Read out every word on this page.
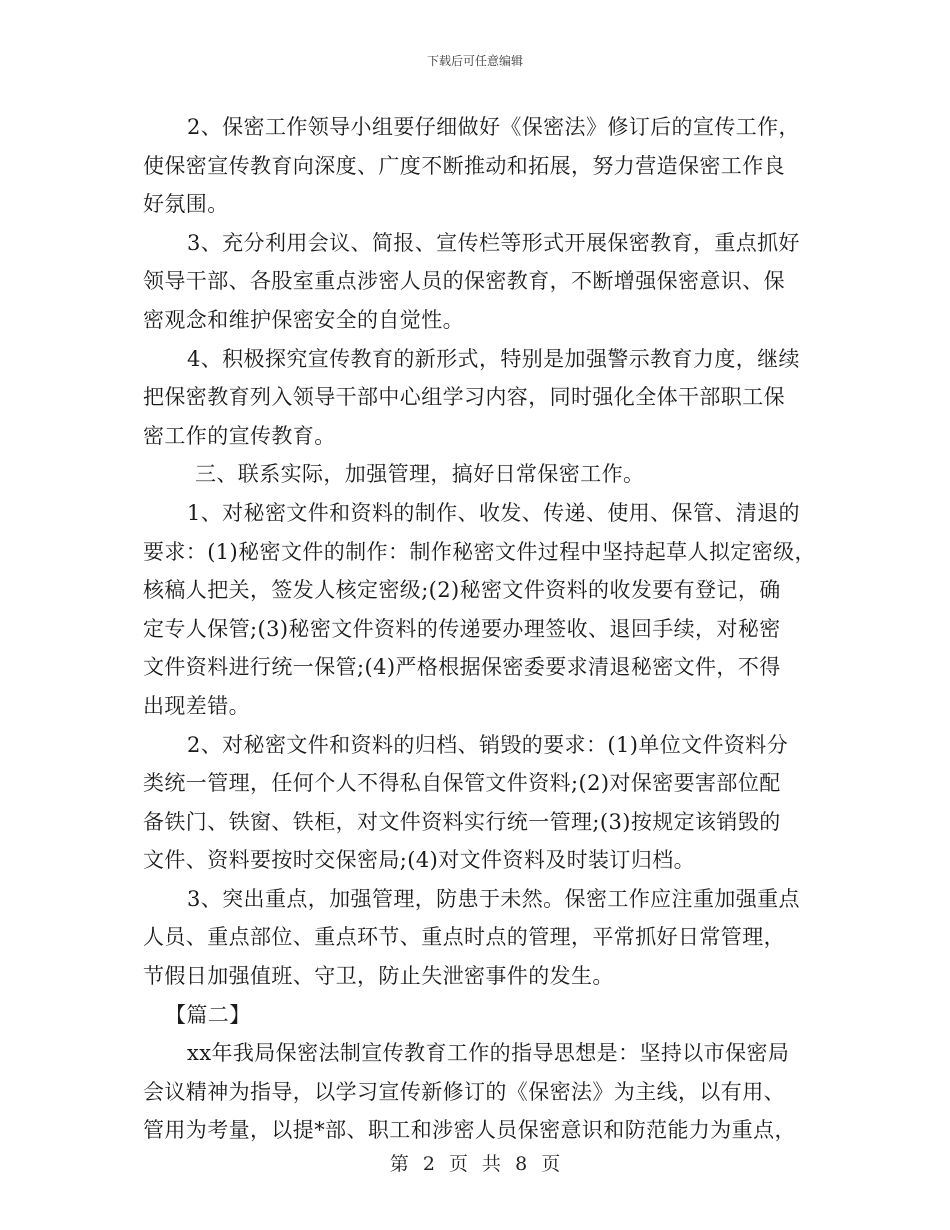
下载后可任意编辑
2、保密工作领导小组要仔细做好《保密法》修订后的宣传工作，
使保密宣传教育向深度、广度不断推动和拓展，努力营造保密工作良
好氛围。
3、充分利用会议、简报、宣传栏等形式开展保密教育，重点抓好
领导干部、各股室重点涉密人员的保密教育，不断增强保密意识、保
密观念和维护保密安全的自觉性。
4、积极探究宣传教育的新形式，特别是加强警示教育力度，继续
把保密教育列入领导干部中心组学习内容，同时强化全体干部职工保
密工作的宣传教育。
三、联系实际，加强管理，搞好日常保密工作。
1、对秘密文件和资料的制作、收发、传递、使用、保管、清退的
要求：(1)秘密文件的制作：制作秘密文件过程中坚持起草人拟定密级，
核稿人把关，签发人核定密级;(2)秘密文件资料的收发要有登记，确
定专人保管;(3)秘密文件资料的传递要办理签收、退回手续，对秘密
文件资料进行统一保管;(4)严格根据保密委要求清退秘密文件，不得
出现差错。
2、对秘密文件和资料的归档、销毁的要求：(1)单位文件资料分
类统一管理，任何个人不得私自保管文件资料;(2)对保密要害部位配
备铁门、铁窗、铁柜，对文件资料实行统一管理;(3)按规定该销毁的
文件、资料要按时交保密局;(4)对文件资料及时装订归档。
3、突出重点，加强管理，防患于未然。保密工作应注重加强重点
人员、重点部位、重点环节、重点时点的管理，平常抓好日常管理，
节假日加强值班、守卫，防止失泄密事件的发生。
【篇二】
xx年我局保密法制宣传教育工作的指导思想是：坚持以市保密局
会议精神为指导，以学习宣传新修订的《保密法》为主线，以有用、
管用为考量，以提*部、职工和涉密人员保密意识和防范能力为重点，
第 2 页 共 8 页
